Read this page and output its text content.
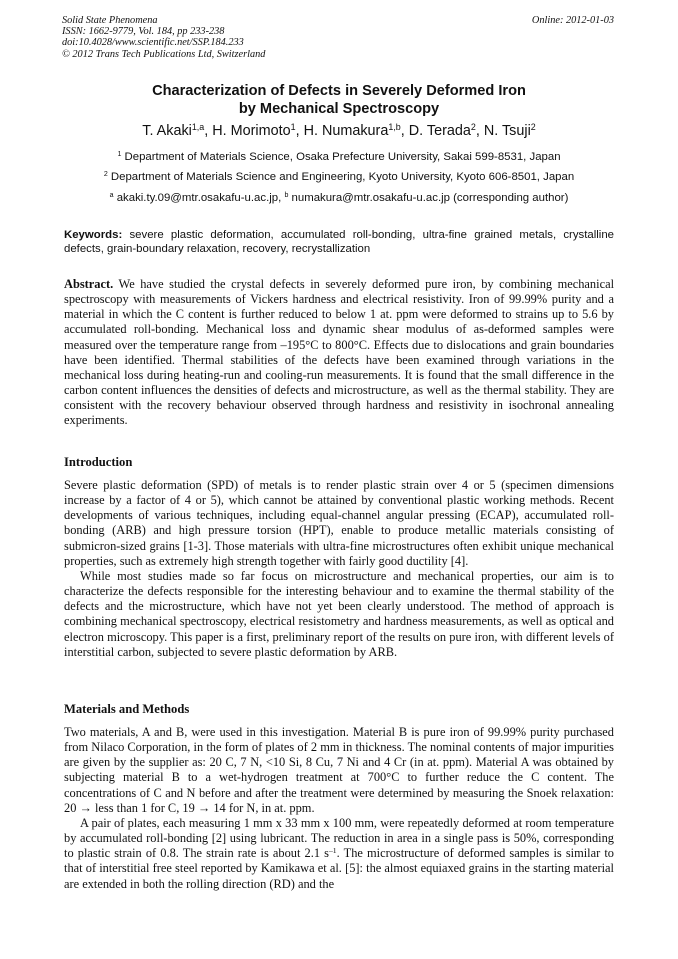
Solid State Phenomena
ISSN: 1662-9779, Vol. 184, pp 233-238
doi:10.4028/www.scientific.net/SSP.184.233
© 2012 Trans Tech Publications Ltd, Switzerland
Online: 2012-01-03
Characterization of Defects in Severely Deformed Iron
by Mechanical Spectroscopy
T. Akaki$^{1,a}$, H. Morimoto$^1$, H. Numakura$^{1,b}$, D. Terada$^2$, N. Tsuji$^2$
$^1$ Department of Materials Science, Osaka Prefecture University, Sakai 599-8531, Japan
$^2$ Department of Materials Science and Engineering, Kyoto University, Kyoto 606-8501, Japan
$^a$ akaki.ty.09@mtr.osakafu-u.ac.jp, $^b$ numakura@mtr.osakafu-u.ac.jp (corresponding author)
Keywords: severe plastic deformation, accumulated roll-bonding, ultra-fine grained metals, crystalline defects, grain-boundary relaxation, recovery, recrystallization
Abstract. We have studied the crystal defects in severely deformed pure iron, by combining mechanical spectroscopy with measurements of Vickers hardness and electrical resistivity. Iron of 99.99% purity and a material in which the C content is further reduced to below 1 at. ppm were deformed to strains up to 5.6 by accumulated roll-bonding. Mechanical loss and dynamic shear modulus of as-deformed samples were measured over the temperature range from –195°C to 800°C. Effects due to dislocations and grain boundaries have been identified. Thermal stabilities of the defects have been examined through variations in the mechanical loss during heating-run and cooling-run measurements. It is found that the small difference in the carbon content influences the densities of defects and microstructure, as well as the thermal stability. They are consistent with the recovery behaviour observed through hardness and resistivity in isochronal annealing experiments.
Introduction

Severe plastic deformation (SPD) of metals is to render plastic strain over 4 or 5 (specimen dimensions increase by a factor of 4 or 5), which cannot be attained by conventional plastic working methods. Recent developments of various techniques, including equal-channel angular pressing (ECAP), accumulated roll-bonding (ARB) and high pressure torsion (HPT), enable to produce metallic materials consisting of submicron-sized grains [1-3]. Those materials with ultra-fine microstructures often exhibit unique mechanical properties, such as extremely high strength together with fairly good ductility [4].

While most studies made so far focus on microstructure and mechanical properties, our aim is to characterize the defects responsible for the interesting behaviour and to examine the thermal stability of the defects and the microstructure, which have not yet been clearly understood. The method of approach is combining mechanical spectroscopy, electrical resistometry and hardness measurements, as well as optical and electron microscopy. This paper is a first, preliminary report of the results on pure iron, with different levels of interstitial carbon, subjected to severe plastic deformation by ARB.

Materials and Methods

Two materials, A and B, were used in this investigation. Material B is pure iron of 99.99% purity purchased from Nilaco Corporation, in the form of plates of 2 mm in thickness. The nominal contents of major impurities are given by the supplier as: 20 C, 7 N, <10 Si, 8 Cu, 7 Ni and 4 Cr (in at. ppm). Material A was obtained by subjecting material B to a wet-hydrogen treatment at 700°C to further reduce the C content. The concentrations of C and N before and after the treatment were determined by measuring the Snoek relaxation: 20 → less than 1 for C, 19 → 14 for N, in at. ppm.

A pair of plates, each measuring 1 mm x 33 mm x 100 mm, were repeatedly deformed at room temperature by accumulated roll-bonding [2] using lubricant. The reduction in area in a single pass is 50%, corresponding to plastic strain of 0.8. The strain rate is about 2.1 $s^{-1}$. The microstructure of deformed samples is similar to that of interstitial free steel reported by Kamikawa et al. [5]: the almost equiaxed grains in the starting material are extended in both the rolling direction (RD) and the
